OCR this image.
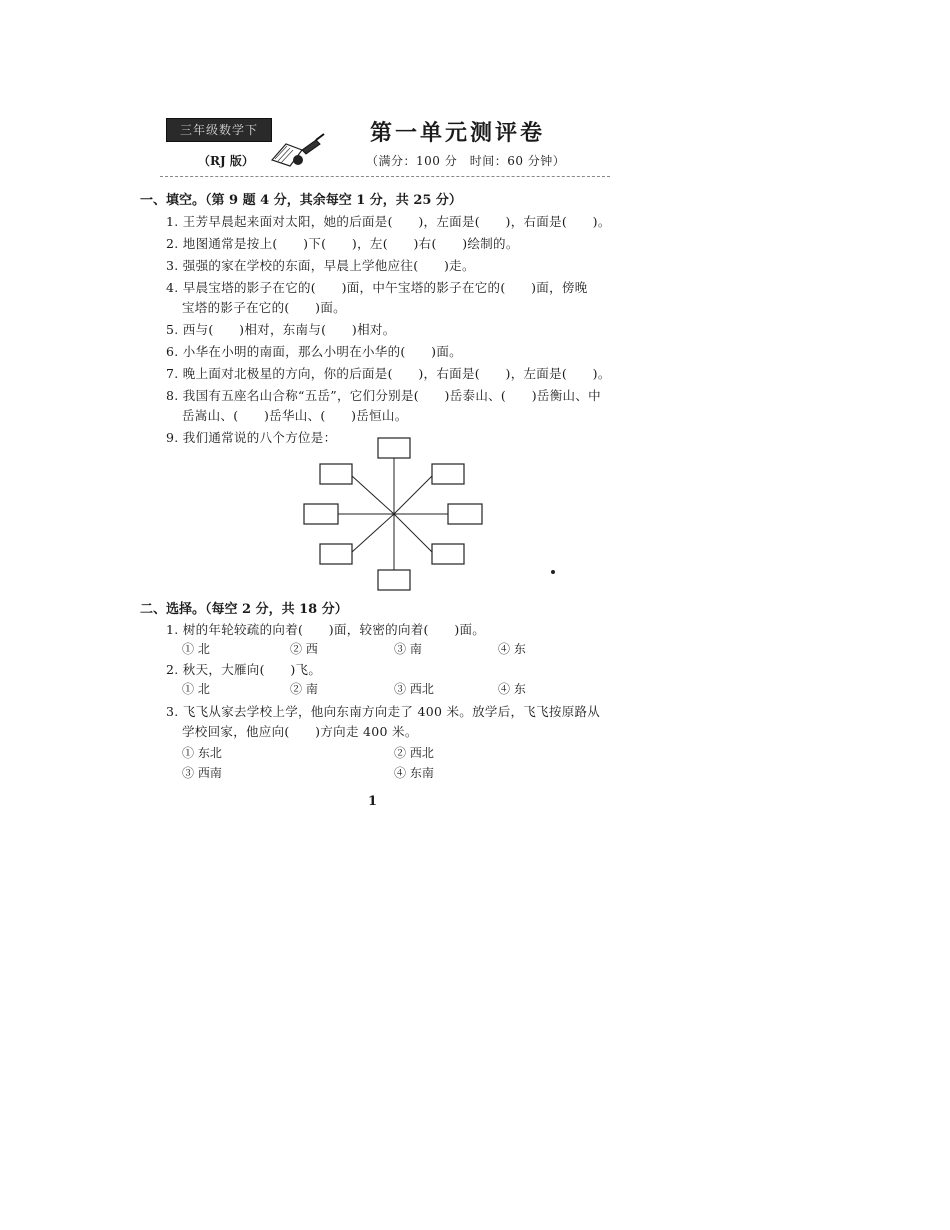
三年级数学下
（RJ 版）
第一单元测评卷
（满分：100 分　时间：60 分钟）
一、填空。（第 9 题 4 分，其余每空 1 分，共 25 分）
1. 王芳早晨起来面对太阳，她的后面是(　　)，左面是(　　)，右面是(　　)。
2. 地图通常是按上(　　)下(　　)，左(　　)右(　　)绘制的。
3. 强强的家在学校的东面，早晨上学他应往(　　)走。
4. 早晨宝塔的影子在它的(　　)面，中午宝塔的影子在它的(　　)面，傍晚
宝塔的影子在它的(　　)面。
5. 西与(　　)相对，东南与(　　)相对。
6. 小华在小明的南面，那么小明在小华的(　　)面。
7. 晚上面对北极星的方向，你的后面是(　　)，右面是(　　)，左面是(　　)。
8. 我国有五座名山合称“五岳”，它们分别是(　　)岳泰山、(　　)岳衡山、中
岳嵩山、(　　)岳华山、(　　)岳恒山。
9. 我们通常说的八个方位是：
二、选择。（每空 2 分，共 18 分）
1. 树的年轮较疏的向着(　　)面，较密的向着(　　)面。
① 北	② 西	③ 南	④ 东
2. 秋天，大雁向(　　)飞。
① 北	② 南	③ 西北	④ 东
3. 飞飞从家去学校上学，他向东南方向走了 400 米。放学后，飞飞按原路从
学校回家，他应向(　　)方向走 400 米。
① 东北	② 西北
③ 西南	④ 东南
1
